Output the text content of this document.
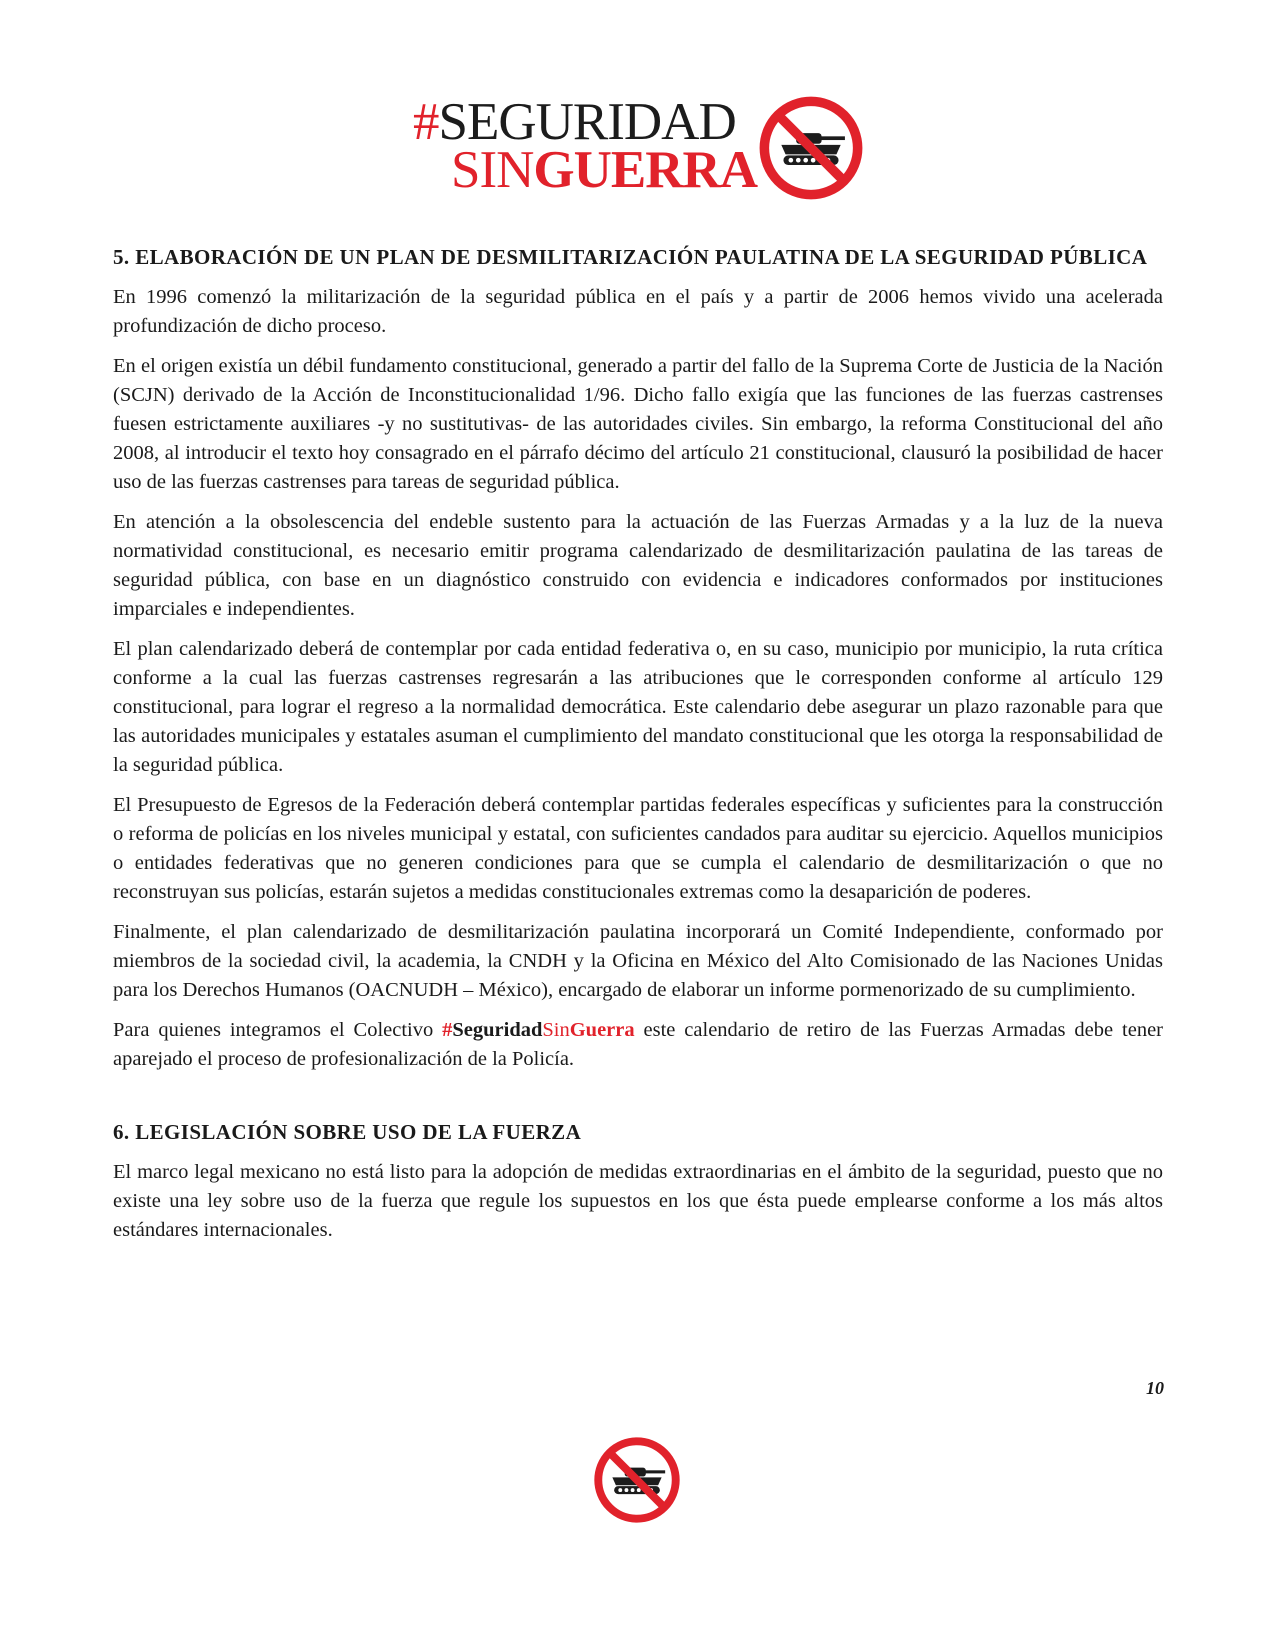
#SEGURIDAD
SINGUERRA
5. ELABORACIÓN DE UN PLAN DE DESMILITARIZACIÓN PAULATINA DE LA SEGURIDAD PÚBLICA

En 1996 comenzó la militarización de la seguridad pública en el país y a partir de 2006 hemos vivido una acelerada profundización de dicho proceso.

En el origen existía un débil fundamento constitucional, generado a partir del fallo de la Suprema Corte de Justicia de la Nación (SCJN) derivado de la Acción de Inconstitucionalidad 1/96. Dicho fallo exigía que las funciones de las fuerzas castrenses fuesen estrictamente auxiliares -y no sustitutivas- de las autoridades civiles. Sin embargo, la reforma Constitucional del año 2008, al introducir el texto hoy consagrado en el párrafo décimo del artículo 21 constitucional, clausuró la posibilidad de hacer uso de las fuerzas castrenses para tareas de seguridad pública.

En atención a la obsolescencia del endeble sustento para la actuación de las Fuerzas Armadas y a la luz de la nueva normatividad constitucional, es necesario emitir programa calendarizado de desmilitarización paulatina de las tareas de seguridad pública, con base en un diagnóstico construido con evidencia e indicadores conformados por instituciones imparciales e independientes.

El plan calendarizado deberá de contemplar por cada entidad federativa o, en su caso, municipio por municipio, la ruta crítica conforme a la cual las fuerzas castrenses regresarán a las atribuciones que le corresponden conforme al artículo 129 constitucional, para lograr el regreso a la normalidad democrática. Este calendario debe asegurar un plazo razonable para que las autoridades municipales y estatales asuman el cumplimiento del mandato constitucional que les otorga la responsabilidad de la seguridad pública.

El Presupuesto de Egresos de la Federación deberá contemplar partidas federales específicas y suficientes para la construcción o reforma de policías en los niveles municipal y estatal, con suficientes candados para auditar su ejercicio. Aquellos municipios o entidades federativas que no generen condiciones para que se cumpla el calendario de desmilitarización o que no reconstruyan sus policías, estarán sujetos a medidas constitucionales extremas como la desaparición de poderes.

Finalmente, el plan calendarizado de desmilitarización paulatina incorporará un Comité Independiente, conformado por miembros de la sociedad civil, la academia, la CNDH y la Oficina en México del Alto Comisionado de las Naciones Unidas para los Derechos Humanos (OACNUDH – México), encargado de elaborar un informe pormenorizado de su cumplimiento.

Para quienes integramos el Colectivo #SeguridadSinGuerra este calendario de retiro de las Fuerzas Armadas debe tener aparejado el proceso de profesionalización de la Policía.

6. LEGISLACIÓN SOBRE USO DE LA FUERZA

El marco legal mexicano no está listo para la adopción de medidas extraordinarias en el ámbito de la seguridad, puesto que no existe una ley sobre uso de la fuerza que regule los supuestos en los que ésta puede emplearse conforme a los más altos estándares internacionales.

10
